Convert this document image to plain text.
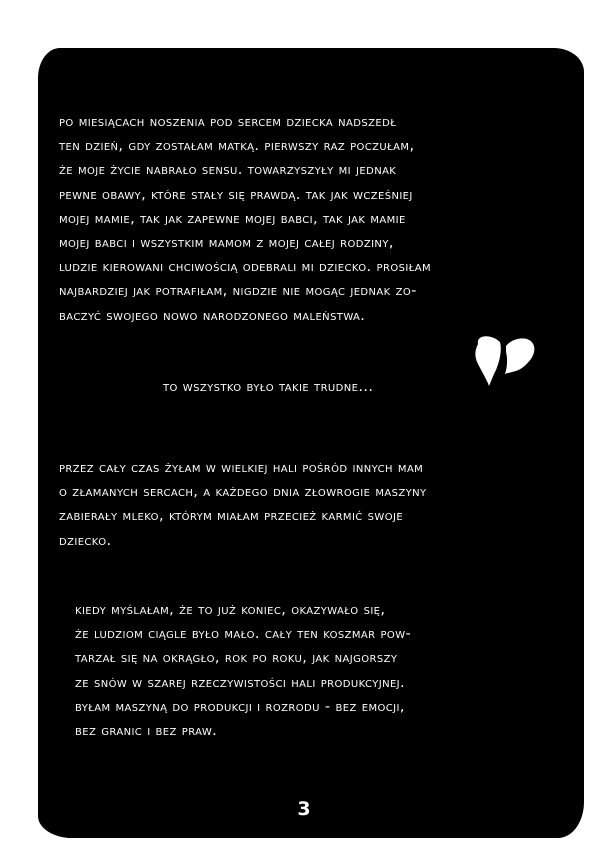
po miesiącach noszenia pod sercem dziecka nadszedł
ten dzień, gdy zostałam matką. pierwszy raz poczułam,
że moje życie nabrało sensu. towarzyszyły mi jednak
pewne obawy, które stały się prawdą. tak jak wcześniej
mojej mamie, tak jak zapewne mojej babci, tak jak mamie
mojej babci i wszystkim mamom z mojej całej rodziny,
ludzie kierowani chciwością odebrali mi dziecko. prosiłam
najbardziej jak potrafiłam, nigdzie nie mogąc jednak zo-
baczyć swojego nowo narodzonego maleństwa.
to wszystko było takie trudne...
przez cały czas żyłam w wielkiej hali pośród innych mam
o złamanych sercach, a każdego dnia złowrogie maszyny
zabierały mleko, którym miałam przecież karmić swoje
dziecko.
kiedy myślałam, że to już koniec, okazywało się,
że ludziom ciągle było mało. cały ten koszmar pow-
tarzał się na okrągło, rok po roku, jak najgorszy
ze snów w szarej rzeczywistości hali produkcyjnej.
byłam maszyną do produkcji i rozrodu - bez emocji,
bez granic i bez praw.
3
